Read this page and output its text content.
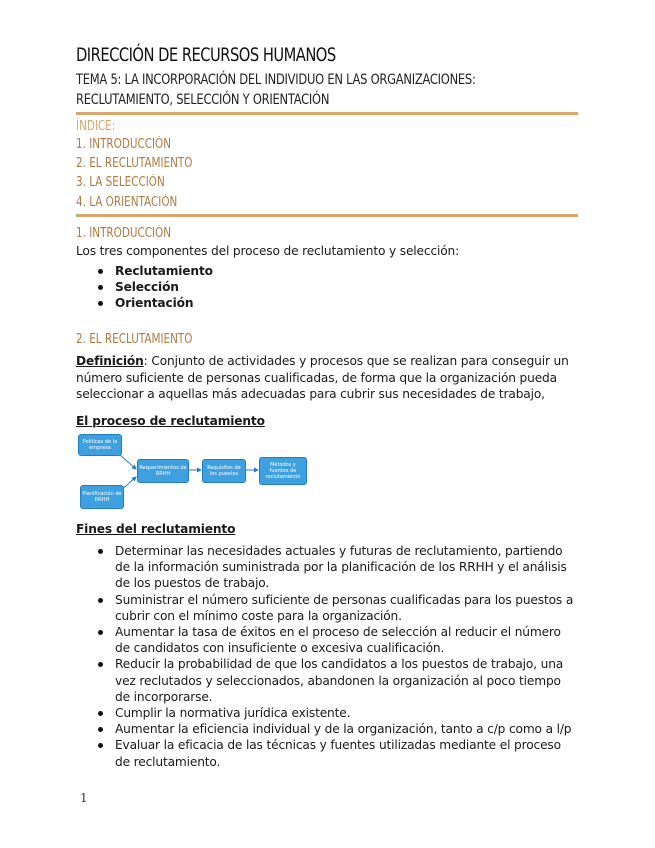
DIRECCIÓN DE RECURSOS HUMANOS
TEMA 5: LA INCORPORACIÓN DEL INDIVIDUO EN LAS ORGANIZACIONES: RECLUTAMIENTO, SELECCIÓN Y ORIENTACIÓN
ÍNDICE:
1. INTRODUCCIÓN
2. EL RECLUTAMIENTO
3. LA SELECCIÓN
4. LA ORIENTACIÓN
1. INTRODUCCIÓN
Los tres componentes del proceso de reclutamiento y selección:
Reclutamiento
Selección
Orientación
2. EL RECLUTAMIENTO
Definición: Conjunto de actividades y procesos que se realizan para conseguir un número suficiente de personas cualificadas, de forma que la organización pueda seleccionar a aquellas más adecuadas para cubrir sus necesidades de trabajo,
El proceso de reclutamiento
Politicas de la empresa
Planificación de RRHH
Requerimientos de RRHH
Requisitos de los puestos
Métodos y fuentes de reclutamiento
Fines del reclutamiento
Determinar las necesidades actuales y futuras de reclutamiento, partiendo de la información suministrada por la planificación de los RRHH y el análisis de los puestos de trabajo.
Suministrar el número suficiente de personas cualificadas para los puestos a cubrir con el mínimo coste para la organización.
Aumentar la tasa de éxitos en el proceso de selección al reducir el número de candidatos con insuficiente o excesiva cualificación.
Reducir la probabilidad de que los candidatos a los puestos de trabajo, una vez reclutados y seleccionados, abandonen la organización al poco tiempo de incorporarse.
Cumplir la normativa jurídica existente.
Aumentar la eficiencia individual y de la organización, tanto a c/p como a l/p
Evaluar la eficacia de las técnicas y fuentes utilizadas mediante el proceso de reclutamiento.
1
